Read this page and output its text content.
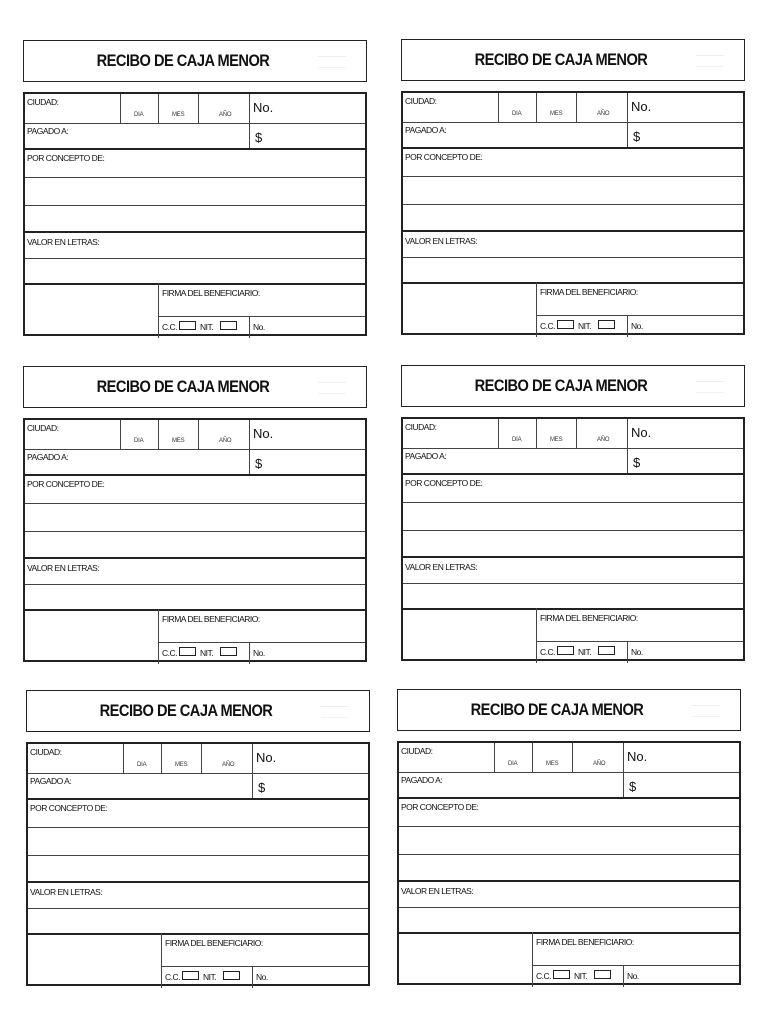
RECIBO DE CAJA MENOR
CIUDAD:
DIA	MES	AÑO No.
PAGADO A:	$
POR CONCEPTO DE:
VALOR EN LETRAS:
FIRMA DEL BENEFICIARIO:
C.C.	NIT.	No.
RECIBO DE CAJA MENOR
CIUDAD:
DIA	MES	AÑO No.
PAGADO A:	$
POR CONCEPTO DE:
VALOR EN LETRAS:
FIRMA DEL BENEFICIARIO:
C.C.	NIT.	No.
RECIBO DE CAJA MENOR
CIUDAD:
DIA	MES	AÑO No.
PAGADO A:	$
POR CONCEPTO DE:
VALOR EN LETRAS:
FIRMA DEL BENEFICIARIO:
C.C.	NIT.	No.
RECIBO DE CAJA MENOR
CIUDAD:
DIA	MES	AÑO No.
PAGADO A:	$
POR CONCEPTO DE:
VALOR EN LETRAS:
FIRMA DEL BENEFICIARIO:
C.C.	NIT.	No.
RECIBO DE CAJA MENOR
CIUDAD:
DIA	MES	AÑO No.
PAGADO A:	$
POR CONCEPTO DE:
VALOR EN LETRAS:
FIRMA DEL BENEFICIARIO:
C.C.	NIT.	No.
RECIBO DE CAJA MENOR
CIUDAD:
DIA	MES	AÑO No.
PAGADO A:	$
POR CONCEPTO DE:
VALOR EN LETRAS:
FIRMA DEL BENEFICIARIO:
C.C.	NIT.	No.
